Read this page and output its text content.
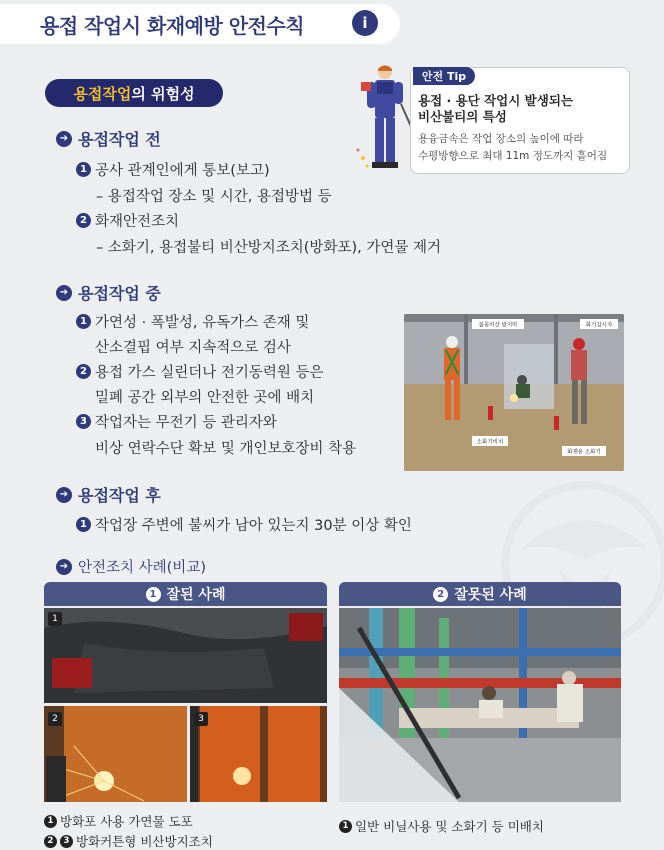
용접 작업시 화재예방 안전수칙	i
용접작업 의 위험성
안전 Tip
용접 · 용단 작업시 발생되는
비산불티의 특성
용융금속은 작업 장소의 높이에 따라
수평방향으로 최대 11m 정도까지 흩어짐
➔ 용접작업 전
1 공사 관계인에게 통보(보고)
– 용접작업 장소 및 시간, 용접방법 등
2 화재안전조치
– 소화기, 용접불티 비산방지조치(방화포), 가연물 제거
➔ 용접작업 중
1 가연성 · 폭발성, 유독가스 존재 및
산소결핍 여부 지속적으로 검사
2 용접 가스 실린더나 전기동력원 등은
밀폐 공간 외부의 안전한 곳에 배치
3 작업자는 무전기 등 관리자와
비상 연락수단 확보 및 개인보호장비 착용
불꽃비산 방지막	화기감시자
소화기비치
화재용 소화기
➔ 용접작업 후
1 작업장 주변에 불씨가 남아 있는지 30분 이상 확인
➔ 안전조치 사례(비교)
1 잘된 사례
1
2	3
2 잘못된 사례
1 방화포 사용 가연물 도포
2	3 방화커튼형 비산방지조치
1 일반 비닐사용 및 소화기 등 미배치
